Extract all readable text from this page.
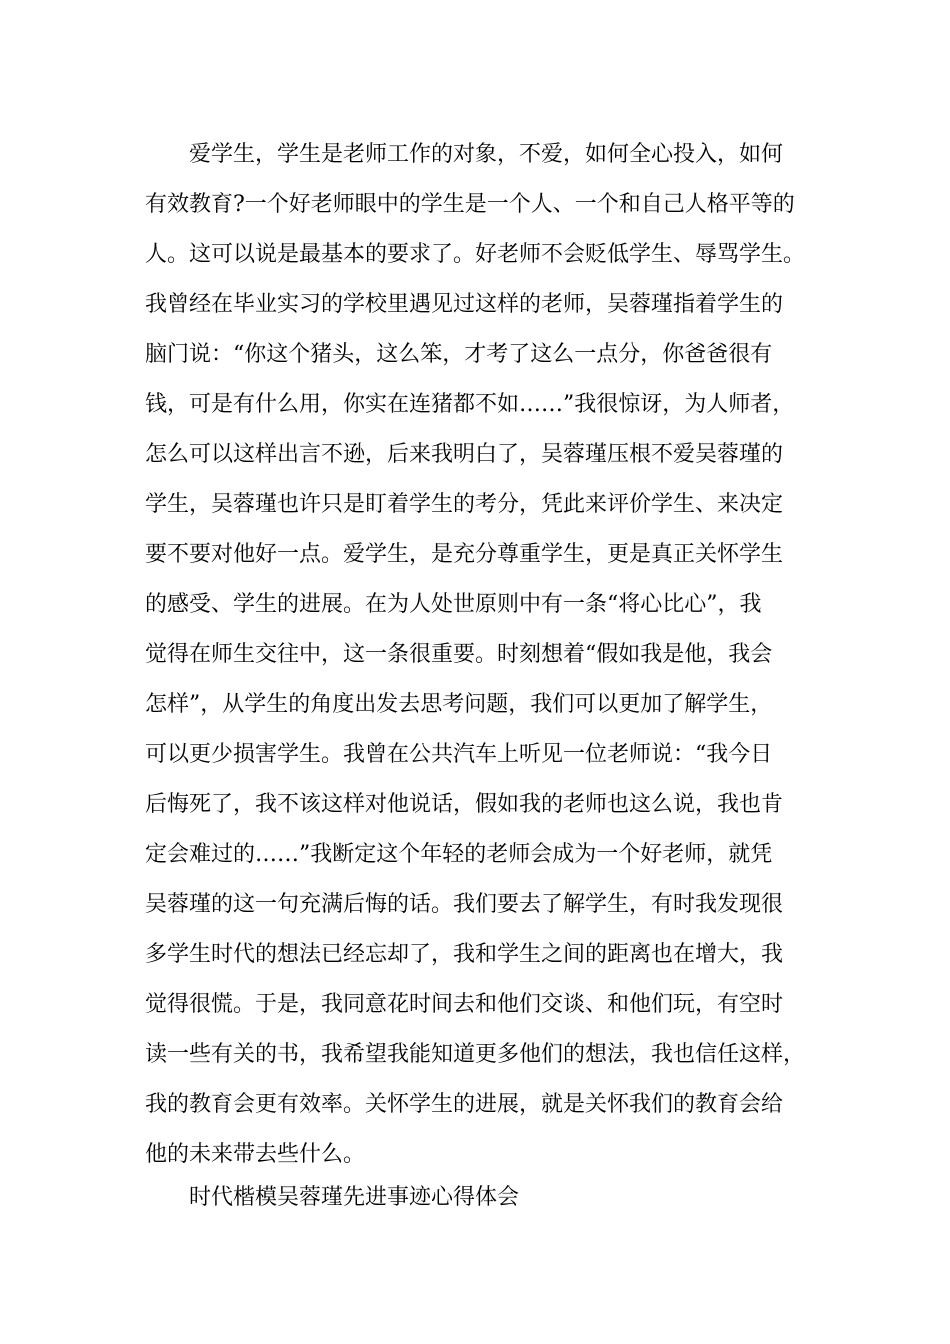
爱学生，学生是老师工作的对象，不爱，如何全心投入，如何
有效教育?一个好老师眼中的学生是一个人、一个和自己人格平等的
人。这可以说是最基本的要求了。好老师不会贬低学生、辱骂学生。
我曾经在毕业实习的学校里遇见过这样的老师，吴蓉瑾指着学生的
脑门说：“你这个猪头，这么笨，才考了这么一点分，你爸爸很有
钱，可是有什么用，你实在连猪都不如……”我很惊讶，为人师者，
怎么可以这样出言不逊，后来我明白了，吴蓉瑾压根不爱吴蓉瑾的
学生，吴蓉瑾也许只是盯着学生的考分，凭此来评价学生、来决定
要不要对他好一点。爱学生，是充分尊重学生，更是真正关怀学生
的感受、学生的进展。在为人处世原则中有一条“将心比心”，我
觉得在师生交往中，这一条很重要。时刻想着“假如我是他，我会
怎样”，从学生的角度出发去思考问题，我们可以更加了解学生，
可以更少损害学生。我曾在公共汽车上听见一位老师说：“我今日
后悔死了，我不该这样对他说话，假如我的老师也这么说，我也肯
定会难过的……”我断定这个年轻的老师会成为一个好老师，就凭
吴蓉瑾的这一句充满后悔的话。我们要去了解学生，有时我发现很
多学生时代的想法已经忘却了，我和学生之间的距离也在增大，我
觉得很慌。于是，我同意花时间去和他们交谈、和他们玩，有空时
读一些有关的书，我希望我能知道更多他们的想法，我也信任这样，
我的教育会更有效率。关怀学生的进展，就是关怀我们的教育会给
他的未来带去些什么。
时代楷模吴蓉瑾先进事迹心得体会
